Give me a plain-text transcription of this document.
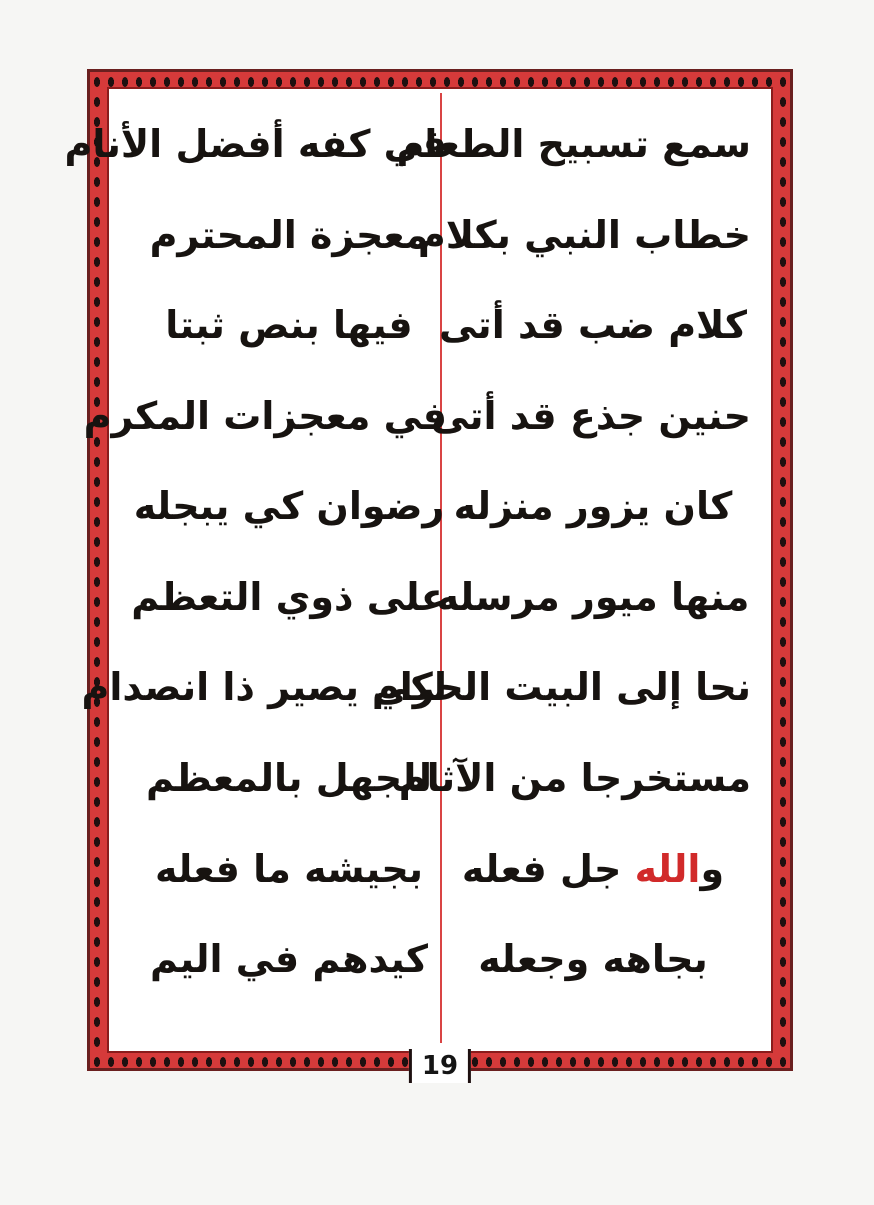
سمع تسبيح الطعام
خطاب النبي بكلام
كلام ضب قد أتى
حنين جذع قد أتى
كان يزور منزله
منها ميور مرسله
نحا إلى البيت الحرام
مستخرجا من الآثام
والله جل فعله
بجاهه وجعله
في كفه أفضل الأنام
معجزة المحترم
فيها بنص ثبتا
في معجزات المكرم
رضوان كي يبجله
على ذوي التعظم
لكي يصير ذا انصدام
للجهل بالمعظم
بجيشه ما فعله
كيدهم في اليم
19
